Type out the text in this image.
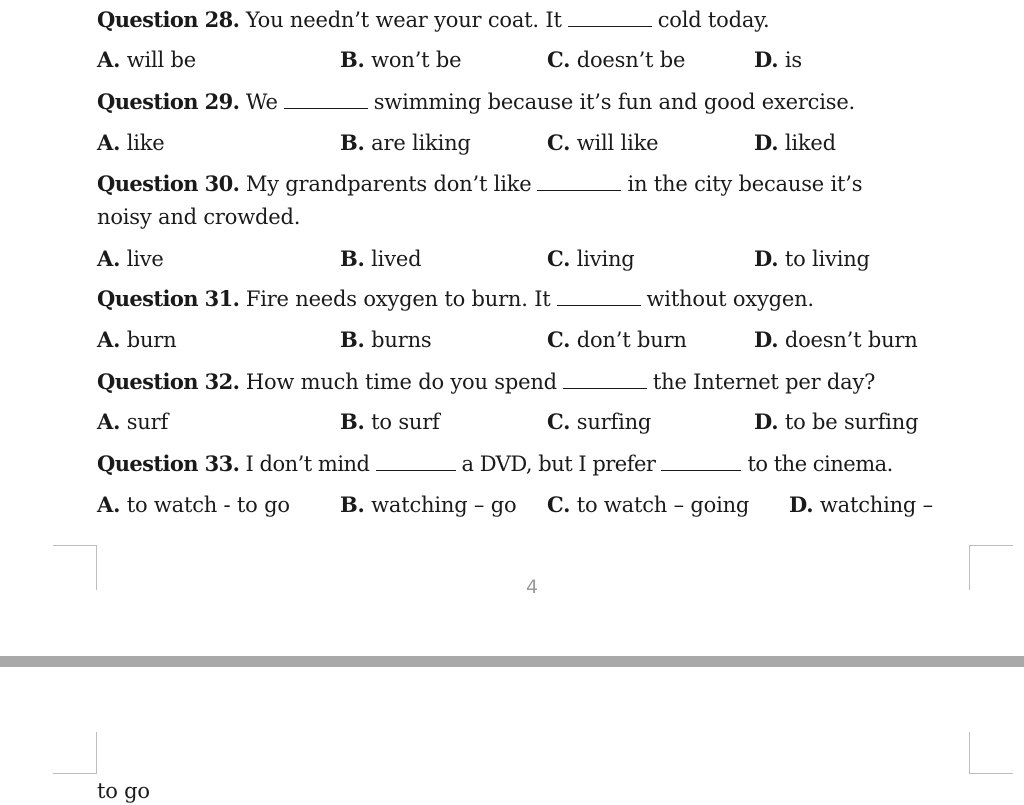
Question 28. You needn’t wear your coat. It	cold today.
A. will be	B. won’t be	C. doesn’t be	D. is
Question 29. We	swimming because it’s fun and good exercise.
A. like	B. are liking	C. will like	D. liked
Question 30. My grandparents don’t like	in the city because it’s
noisy and crowded.
A. live	B. lived	C. living	D. to living
Question 31. Fire needs oxygen to burn. It	without oxygen.
A. burn	B. burns	C. don’t burn	D. doesn’t burn
Question 32. How much time do you spend	the Internet per day?
A. surf	B. to surf	C. surfing	D. to be surfing
Question 33. I don’t mind	a DVD, but I prefer	to the cinema.
A. to watch - to go B. watching – go C. to watch – going D. watching –
4
to go
